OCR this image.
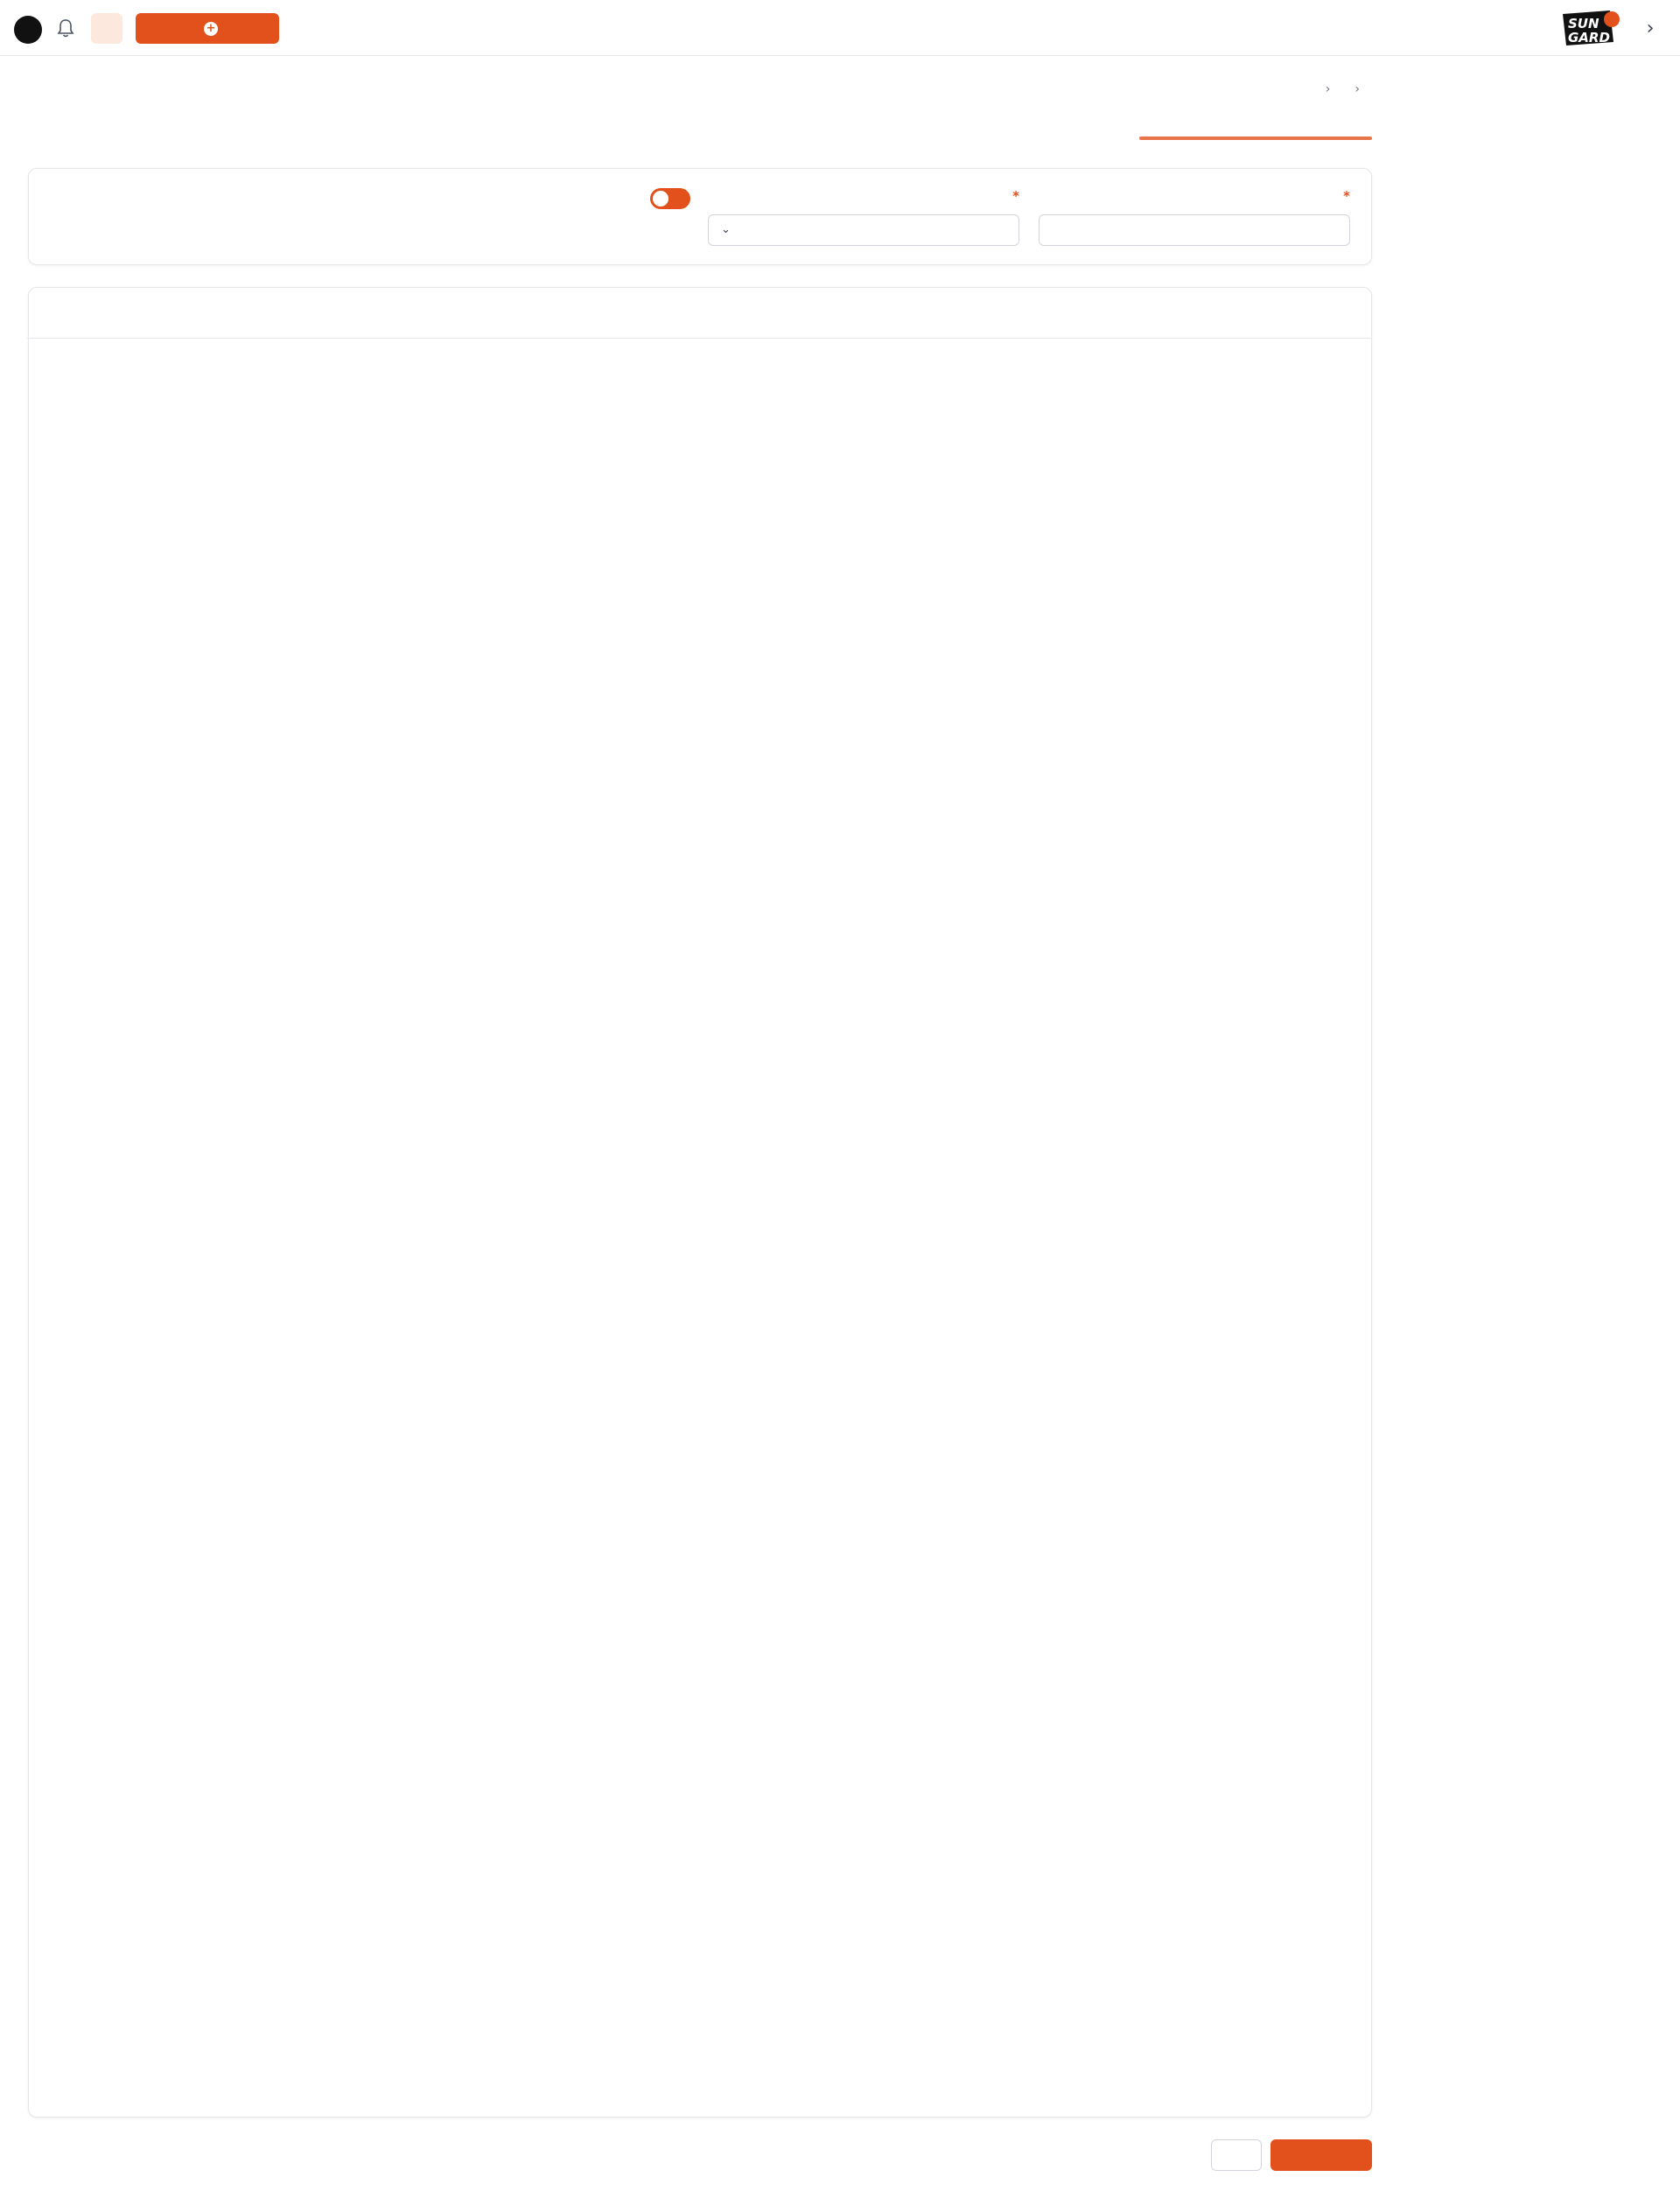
›
SUN
GARD
+
‹
‹
*
*
⌄
